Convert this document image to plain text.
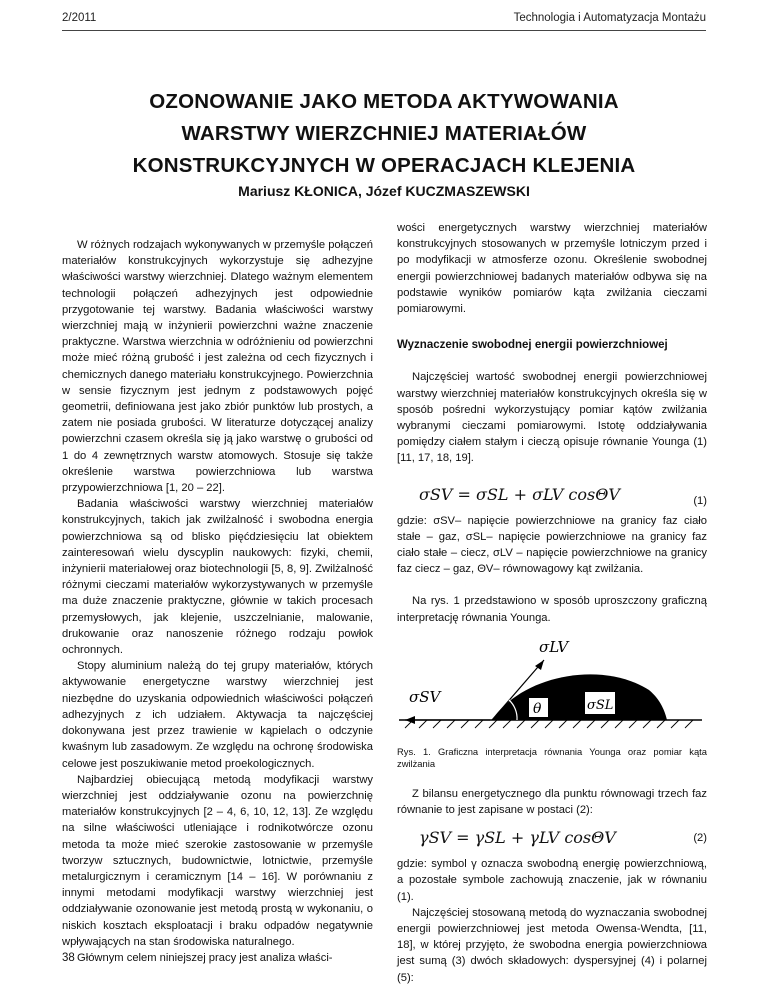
2/2011	Technologia i Automatyzacja Montażu
OZONOWANIE JAKO METODA AKTYWOWANIA
WARSTWY WIERZCHNIEJ MATERIAŁÓW
KONSTRUKCYJNYCH W OPERACJACH KLEJENIA
Mariusz KŁONICA, Józef KUCZMASZEWSKI

W różnych rodzajach wykonywanych w przemyśle połączeń materiałów konstrukcyjnych wykorzystuje się adhezyjne właściwości warstwy wierzchniej. Dlatego ważnym elementem technologii połączeń adhezyjnych jest odpowiednie przygotowanie tej warstwy. Badania właściwości warstwy wierzchniej mają w inżynierii powierzchni ważne znaczenie praktyczne. Warstwa wierzchnia w odróżnieniu od powierzchni może mieć różną grubość i jest zależna od cech fizycznych i chemicznych danego materiału konstrukcyjnego. Powierzchnia w sensie fizycznym jest jednym z podstawowych pojęć geometrii, definiowana jest jako zbiór punktów lub prostych, a zatem nie posiada grubości. W literaturze dotyczącej analizy powierzchni czasem określa się ją jako warstwę o grubości od 1 do 4 zewnętrznych warstw atomowych. Stosuje się także określenie warstwa powierzchniowa lub warstwa przypowierzchniowa [1, 20 – 22].

Badania właściwości warstwy wierzchniej materiałów konstrukcyjnych, takich jak zwilżalność i swobodna energia powierzchniowa są od blisko pięćdziesięciu lat obiektem zainteresowań wielu dyscyplin naukowych: fizyki, chemii, inżynierii materiałowej oraz biotechnologii [5, 8, 9]. Zwilżalność różnymi cieczami materiałów wykorzystywanych w przemyśle ma duże znaczenie praktyczne, głównie w takich procesach przemysłowych, jak klejenie, uszczelnianie, malowanie, drukowanie oraz nanoszenie różnego rodzaju powłok ochronnych.

Stopy aluminium należą do tej grupy materiałów, których aktywowanie energetyczne warstwy wierzchniej jest niezbędne do uzyskania odpowiednich właściwości połączeń adhezyjnych z ich udziałem. Aktywacja ta najczęściej dokonywana jest przez trawienie w kąpielach o odczynie kwaśnym lub zasadowym. Ze względu na ochronę środowiska celowe jest poszukiwanie metod proekologicznych.

Najbardziej obiecującą metodą modyfikacji warstwy wierzchniej jest oddziaływanie ozonu na powierzchnię materiałów konstrukcyjnych [2 – 4, 6, 10, 12, 13]. Ze względu na silne właściwości utleniające i rodnikotwórcze ozonu metoda ta może mieć szerokie zastosowanie w przemyśle tworzyw sztucznych, budownictwie, lotnictwie, przemyśle metalurgicznym i ceramicznym [14 – 16]. W porównaniu z innymi metodami modyfikacji warstwy wierzchniej jest oddziaływanie ozonowanie jest metodą prostą w wykonaniu, o niskich kosztach eksploatacji i braku odpadów negatywnie wpływających na stan środowiska naturalnego.

Głównym celem niniejszej pracy jest analiza właści-

wości energetycznych warstwy wierzchniej materiałów konstrukcyjnych stosowanych w przemyśle lotniczym przed i po modyfikacji w atmosferze ozonu. Określenie swobodnej energii powierzchniowej badanych materiałów odbywa się na podstawie wyników pomiarów kąta zwilżania cieczami pomiarowymi.

Wyznaczenie swobodnej energii powierzchniowej

Najczęściej wartość swobodnej energii powierzchniowej warstwy wierzchniej materiałów konstrukcyjnych określa się w sposób pośredni wykorzystujący pomiar kątów zwilżania wybranymi cieczami pomiarowymi. Istotę oddziaływania pomiędzy ciałem stałym i cieczą opisuje równanie Younga (1) [11, 17, 18, 19].

σSV = σSL + σLV cosΘV	(1)

gdzie: σSV– napięcie powierzchniowe na granicy faz ciało stałe – gaz, σSL– napięcie powierzchniowe na granicy faz ciało stałe – ciecz, σLV – napięcie powierzchniowe na granicy faz ciecz – gaz, ΘV– równowagowy kąt zwilżania.

Na rys. 1 przedstawiono w sposób uproszczony graficzną interpretację równania Younga.

σLV
σSV
θ	σSL

Rys. 1. Graficzna interpretacja równania Younga oraz pomiar kąta zwilżania

Z bilansu energetycznego dla punktu równowagi trzech faz równanie to jest zapisane w postaci (2):

γSV = γSL + γLV cosΘV	(2)

gdzie: symbol γ oznacza swobodną energię powierzchniową, a pozostałe symbole zachowują znaczenie, jak w równaniu (1).

Najczęściej stosowaną metodą do wyznaczania swobodnej energii powierzchniowej jest metoda Owensa-Wendta, [11, 18], w której przyjęto, że swobodna energia powierzchniowa jest sumą (3) dwóch składowych: dyspersyjnej (4) i polarnej (5):

38
